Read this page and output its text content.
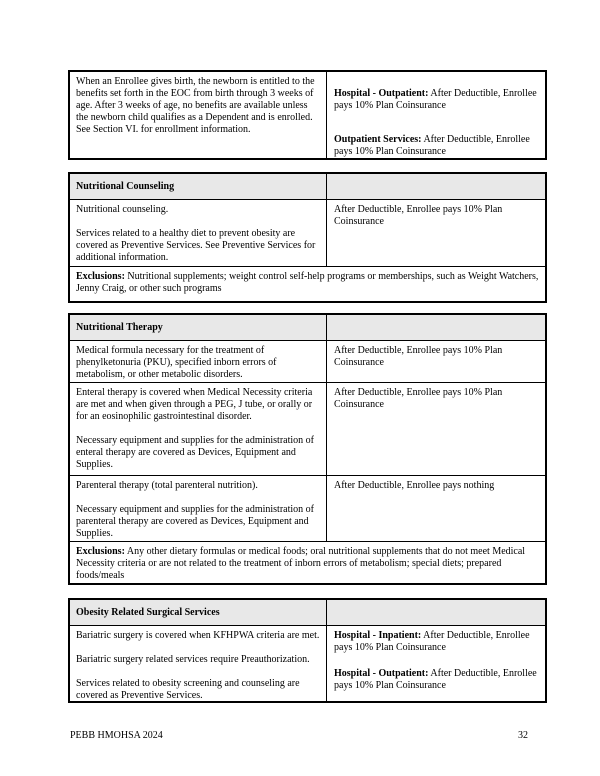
When an Enrollee gives birth, the newborn is entitled to the benefits set forth in the EOC from birth through 3 weeks of age. After 3 weeks of age, no benefits are available unless the newborn child qualifies as a Dependent and is enrolled. See Section VI. for enrollment information.

Hospital - Outpatient: After Deductible, Enrollee pays 10% Plan Coinsurance

Outpatient Services: After Deductible, Enrollee pays 10% Plan Coinsurance

Nutritional Counseling

Nutritional counseling.

Services related to a healthy diet to prevent obesity are covered as Preventive Services. See Preventive Services for additional information.

After Deductible, Enrollee pays 10% Plan Coinsurance

Exclusions: Nutritional supplements; weight control self-help programs or memberships, such as Weight Watchers, Jenny Craig, or other such programs

Nutritional Therapy

Medical formula necessary for the treatment of phenylketonuria (PKU), specified inborn errors of metabolism, or other metabolic disorders.

After Deductible, Enrollee pays 10% Plan Coinsurance

Enteral therapy is covered when Medical Necessity criteria are met and when given through a PEG, J tube, or orally or for an eosinophilic gastrointestinal disorder.

Necessary equipment and supplies for the administration of enteral therapy are covered as Devices, Equipment and Supplies.

After Deductible, Enrollee pays 10% Plan Coinsurance

Parenteral therapy (total parenteral nutrition).

Necessary equipment and supplies for the administration of parenteral therapy are covered as Devices, Equipment and Supplies.

After Deductible, Enrollee pays nothing

Exclusions: Any other dietary formulas or medical foods; oral nutritional supplements that do not meet Medical Necessity criteria or are not related to the treatment of inborn errors of metabolism; special diets; prepared foods/meals

Obesity Related Surgical Services

Bariatric surgery is covered when KFHPWA criteria are met.

Bariatric surgery related services require Preauthorization.

Services related to obesity screening and counseling are covered as Preventive Services.

Hospital - Inpatient: After Deductible, Enrollee pays 10% Plan Coinsurance

Hospital - Outpatient: After Deductible, Enrollee pays 10% Plan Coinsurance

PEBB HMOHSA 2024	32
